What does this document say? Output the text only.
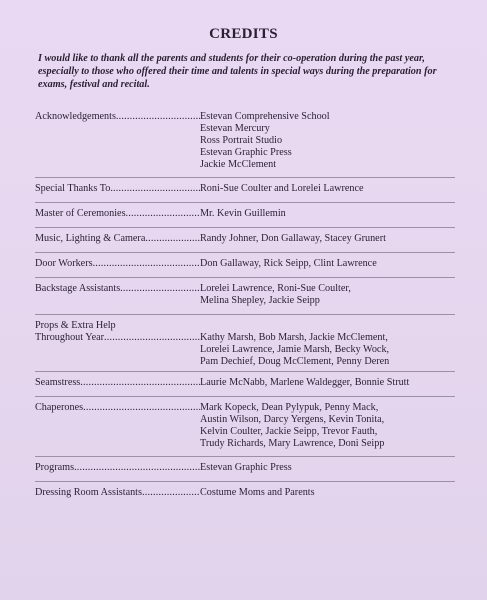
CREDITS
I would like to thank all the parents and students for their co-operation during the past year, especially to those who offered their time and talents in special ways during the preparation for exams, festival and recital.
Acknowledgements .....	Estevan Comprehensive School
Estevan Mercury
Ross Portrait Studio
Estevan Graphic Press
Jackie McClement
Special Thanks To .....	Roni-Sue Coulter and Lorelei Lawrence
Master of Ceremonies .....	Mr. Kevin Guillemin
Music, Lighting & Camera .....	Randy Johner, Don Gallaway, Stacey Grunert
Door Workers .....	Don Gallaway, Rick Seipp, Clint Lawrence
Backstage Assistants .....	Lorelei Lawrence, Roni-Sue Coulter,
Melina Shepley, Jackie Seipp
Props & Extra Help
Throughout Year .....	Kathy Marsh, Bob Marsh, Jackie McClement,
Lorelei Lawrence, Jamie Marsh, Becky Wock,
Pam Dechief, Doug McClement, Penny Deren
Seamstress .....	Laurie McNabb, Marlene Waldegger, Bonnie Strutt
Chaperones .....	Mark Kopeck, Dean Pylypuk, Penny Mack,
Austin Wilson, Darcy Yergens, Kevin Tonita,
Kelvin Coulter, Jackie Seipp, Trevor Fauth,
Trudy Richards, Mary Lawrence, Doni Seipp
Programs .....	Estevan Graphic Press
Dressing Room Assistants .....	Costume Moms and Parents
